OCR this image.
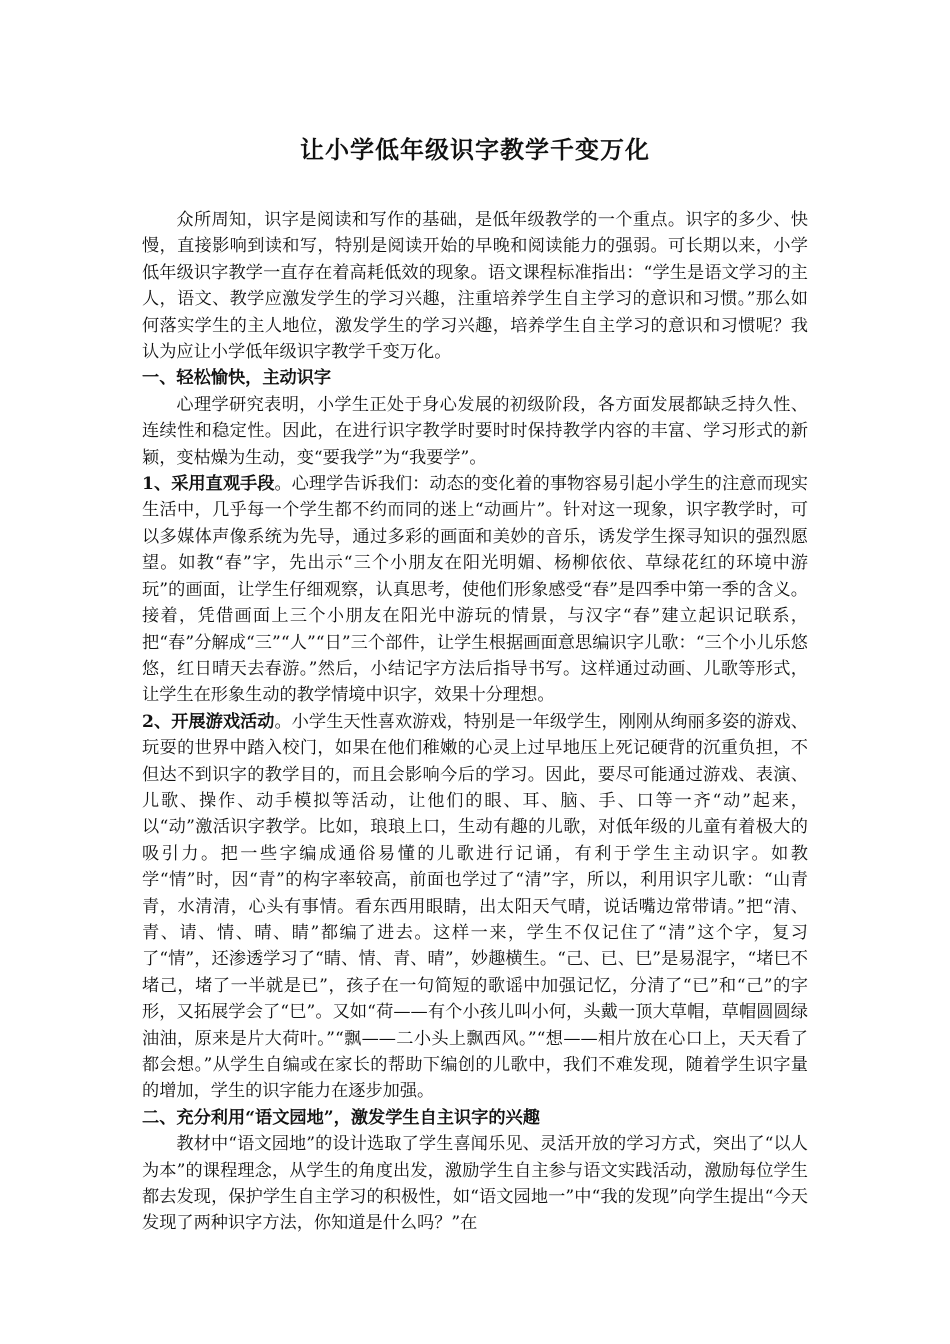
让小学低年级识字教学千变万化

众所周知，识字是阅读和写作的基础，是低年级教学的一个重点。识字的多少、快慢，直接影响到读和写，特别是阅读开始的早晚和阅读能力的强弱。可长期以来，小学低年级识字教学一直存在着高耗低效的现象。语文课程标准指出：“学生是语文学习的主人，语文、教学应激发学生的学习兴趣，注重培养学生自主学习的意识和习惯。”那么如何落实学生的主人地位，激发学生的学习兴趣，培养学生自主学习的意识和习惯呢？我认为应让小学低年级识字教学千变万化。

一、轻松愉快，主动识字

心理学研究表明，小学生正处于身心发展的初级阶段，各方面发展都缺乏持久性、连续性和稳定性。因此，在进行识字教学时要时时保持教学内容的丰富、学习形式的新颖，变枯燥为生动，变“要我学”为“我要学”。

1、采用直观手段。心理学告诉我们：动态的变化着的事物容易引起小学生的注意而现实生活中，几乎每一个学生都不约而同的迷上“动画片”。针对这一现象，识字教学时，可以多媒体声像系统为先导，通过多彩的画面和美妙的音乐，诱发学生探寻知识的强烈愿望。如教“春”字，先出示“三个小朋友在阳光明媚、杨柳依依、草绿花红的环境中游玩”的画面，让学生仔细观察，认真思考，使他们形象感受“春”是四季中第一季的含义。接着，凭借画面上三个小朋友在阳光中游玩的情景，与汉字“春”建立起识记联系，把“春”分解成“三”“人”“日”三个部件，让学生根据画面意思编识字儿歌：“三个小儿乐悠悠，红日晴天去春游。”然后，小结记字方法后指导书写。这样通过动画、儿歌等形式，让学生在形象生动的教学情境中识字，效果十分理想。

2、开展游戏活动。小学生天性喜欢游戏，特别是一年级学生，刚刚从绚丽多姿的游戏、玩耍的世界中踏入校门，如果在他们稚嫩的心灵上过早地压上死记硬背的沉重负担，不但达不到识字的教学目的，而且会影响今后的学习。因此，要尽可能通过游戏、表演、儿歌、操作、动手模拟等活动，让他们的眼、耳、脑、手、口等一齐“动”起来，以“动”激活识字教学。比如，琅琅上口，生动有趣的儿歌，对低年级的儿童有着极大的吸引力。把一些字编成通俗易懂的儿歌进行记诵，有利于学生主动识字。如教学“情”时，因“青”的构字率较高，前面也学过了“清”字，所以，利用识字儿歌：“山青青，水清清，心头有事情。看东西用眼睛，出太阳天气晴，说话嘴边常带请。”把“清、青、请、情、晴、睛”都编了进去。这样一来，学生不仅记住了“清”这个字，复习了“情”，还渗透学习了“睛、情、青、晴”，妙趣横生。“己、已、巳”是易混字，“堵巳不堵己，堵了一半就是已”，孩子在一句简短的歌谣中加强记忆，分清了“已”和“己”的字形，又拓展学会了“巳”。又如“荷——有个小孩儿叫小何，头戴一顶大草帽，草帽圆圆绿油油，原来是片大荷叶。”“飘——二小头上飘西风。”“想——相片放在心口上，天天看了都会想。”从学生自编或在家长的帮助下编创的儿歌中，我们不难发现，随着学生识字量的增加，学生的识字能力在逐步加强。

二、充分利用“语文园地”，激发学生自主识字的兴趣

教材中“语文园地”的设计选取了学生喜闻乐见、灵活开放的学习方式，突出了“以人为本”的课程理念，从学生的角度出发，激励学生自主参与语文实践活动，激励每位学生都去发现，保护学生自主学习的积极性，如“语文园地一”中“我的发现”向学生提出“今天发现了两种识字方法，你知道是什么吗？”在
